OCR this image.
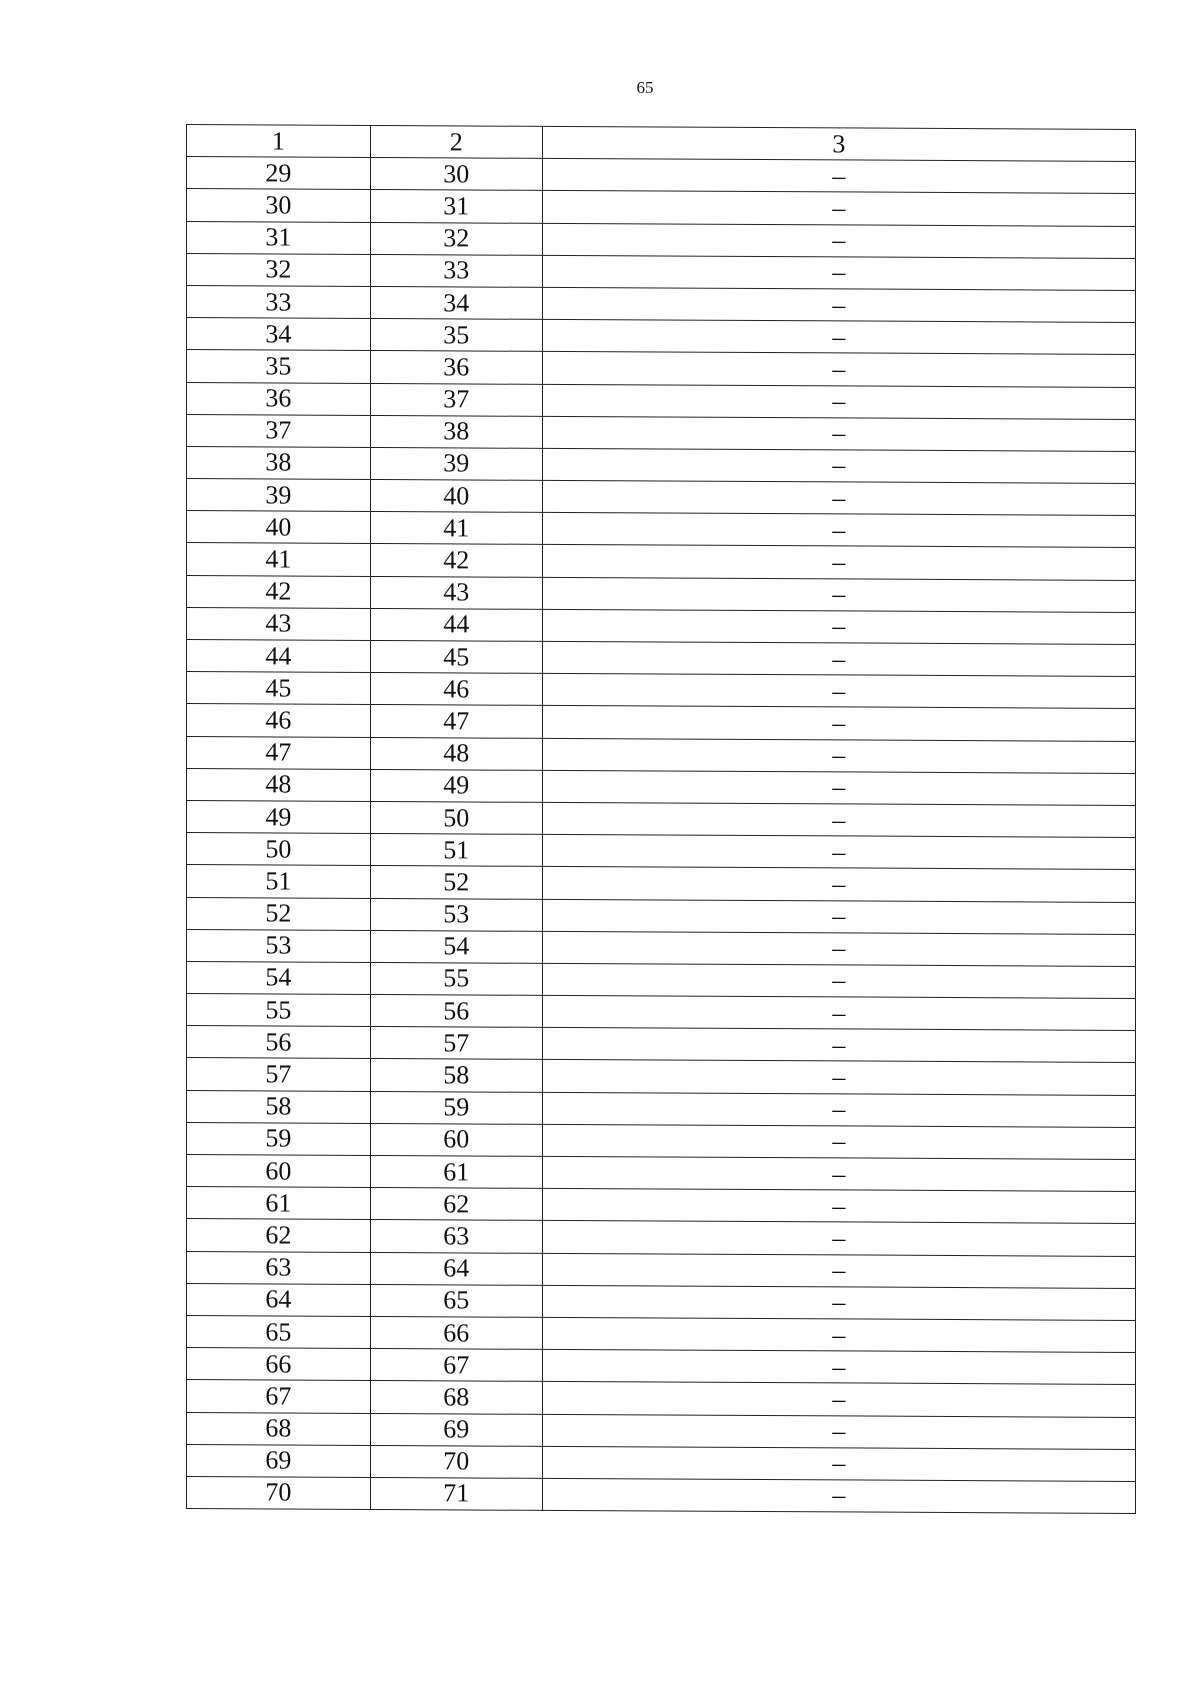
65
1	2	3
29	30	–
30	31	–
31	32	–
32	33	–
33	34	–
34	35	–
35	36	–
36	37	–
37	38	–
38	39	–
39	40	–
40	41	–
41	42	–
42	43	–
43	44	–
44	45	–
45	46	–
46	47	–
47	48	–
48	49	–
49	50	–
50	51	–
51	52	–
52	53	–
53	54	–
54	55	–
55	56	–
56	57	–
57	58	–
58	59	–
59	60	–
60	61	–
61	62	–
62	63	–
63	64	–
64	65	–
65	66	–
66	67	–
67	68	–
68	69	–
69	70	–
70	71	–
